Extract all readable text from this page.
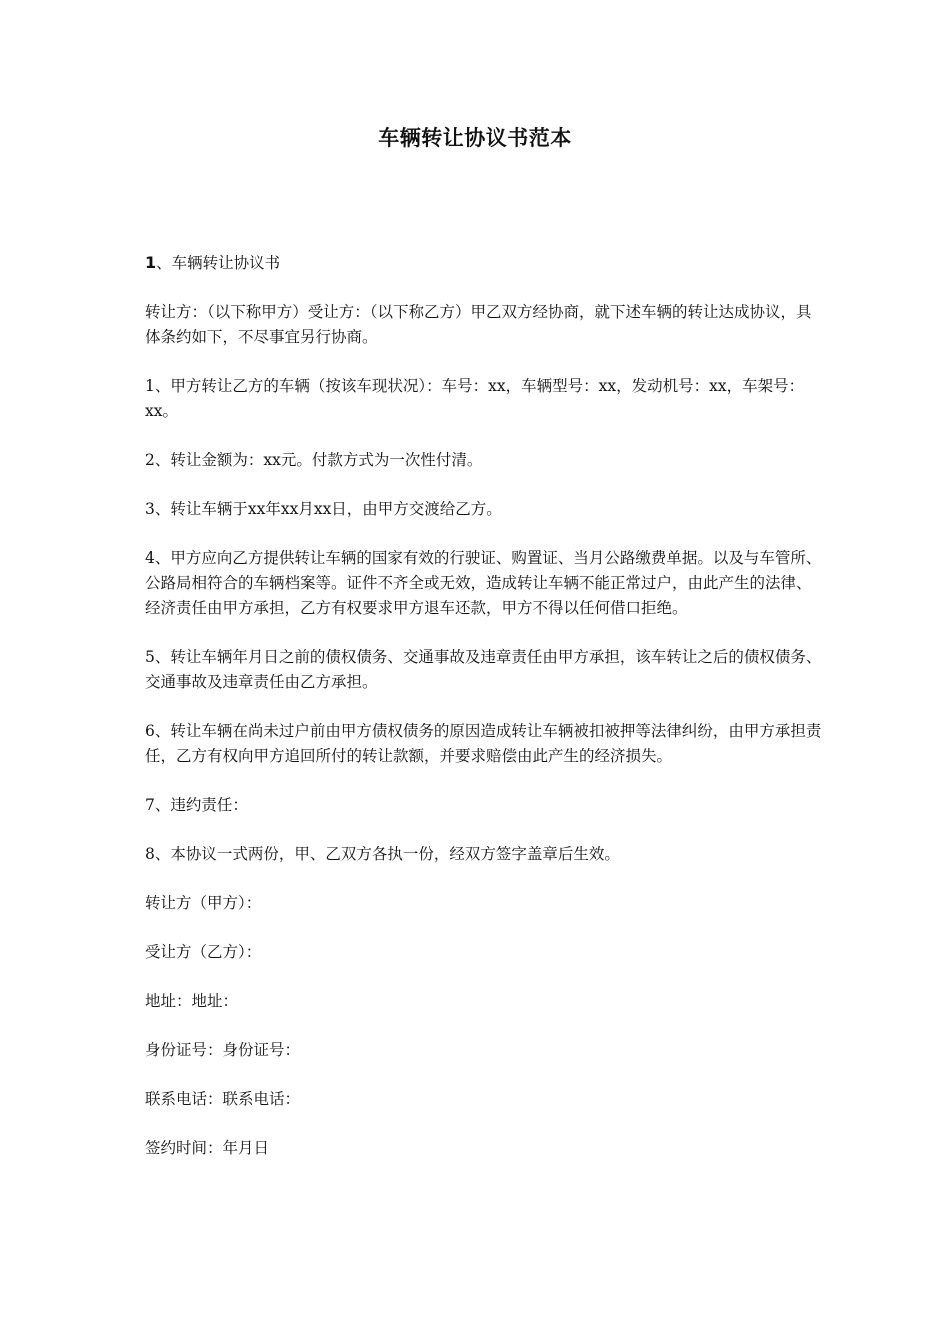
车辆转让协议书范本

1、车辆转让协议书

转让方：（以下称甲方）受让方：（以下称乙方）甲乙双方经协商，就下述车辆的转让达成协议，具体条约如下，不尽事宜另行协商。

1、甲方转让乙方的车辆（按该车现状况）：车号：xx，车辆型号：xx，发动机号：xx，车架号：xx。

2、转让金额为：xx元。付款方式为一次性付清。

3、转让车辆于xx年xx月xx日，由甲方交渡给乙方。

4、甲方应向乙方提供转让车辆的国家有效的行驶证、购置证、当月公路缴费单据。以及与车管所、公路局相符合的车辆档案等。证件不齐全或无效，造成转让车辆不能正常过户，由此产生的法律、经济责任由甲方承担，乙方有权要求甲方退车还款，甲方不得以任何借口拒绝。

5、转让车辆年月日之前的债权债务、交通事故及违章责任由甲方承担，该车转让之后的债权债务、交通事故及违章责任由乙方承担。

6、转让车辆在尚未过户前由甲方债权债务的原因造成转让车辆被扣被押等法律纠纷，由甲方承担责任，乙方有权向甲方追回所付的转让款额，并要求赔偿由此产生的经济损失。

7、违约责任：

8、本协议一式两份，甲、乙双方各执一份，经双方签字盖章后生效。

转让方（甲方）：

受让方（乙方）：

地址：地址：

身份证号：身份证号：

联系电话：联系电话：

签约时间：年月日
